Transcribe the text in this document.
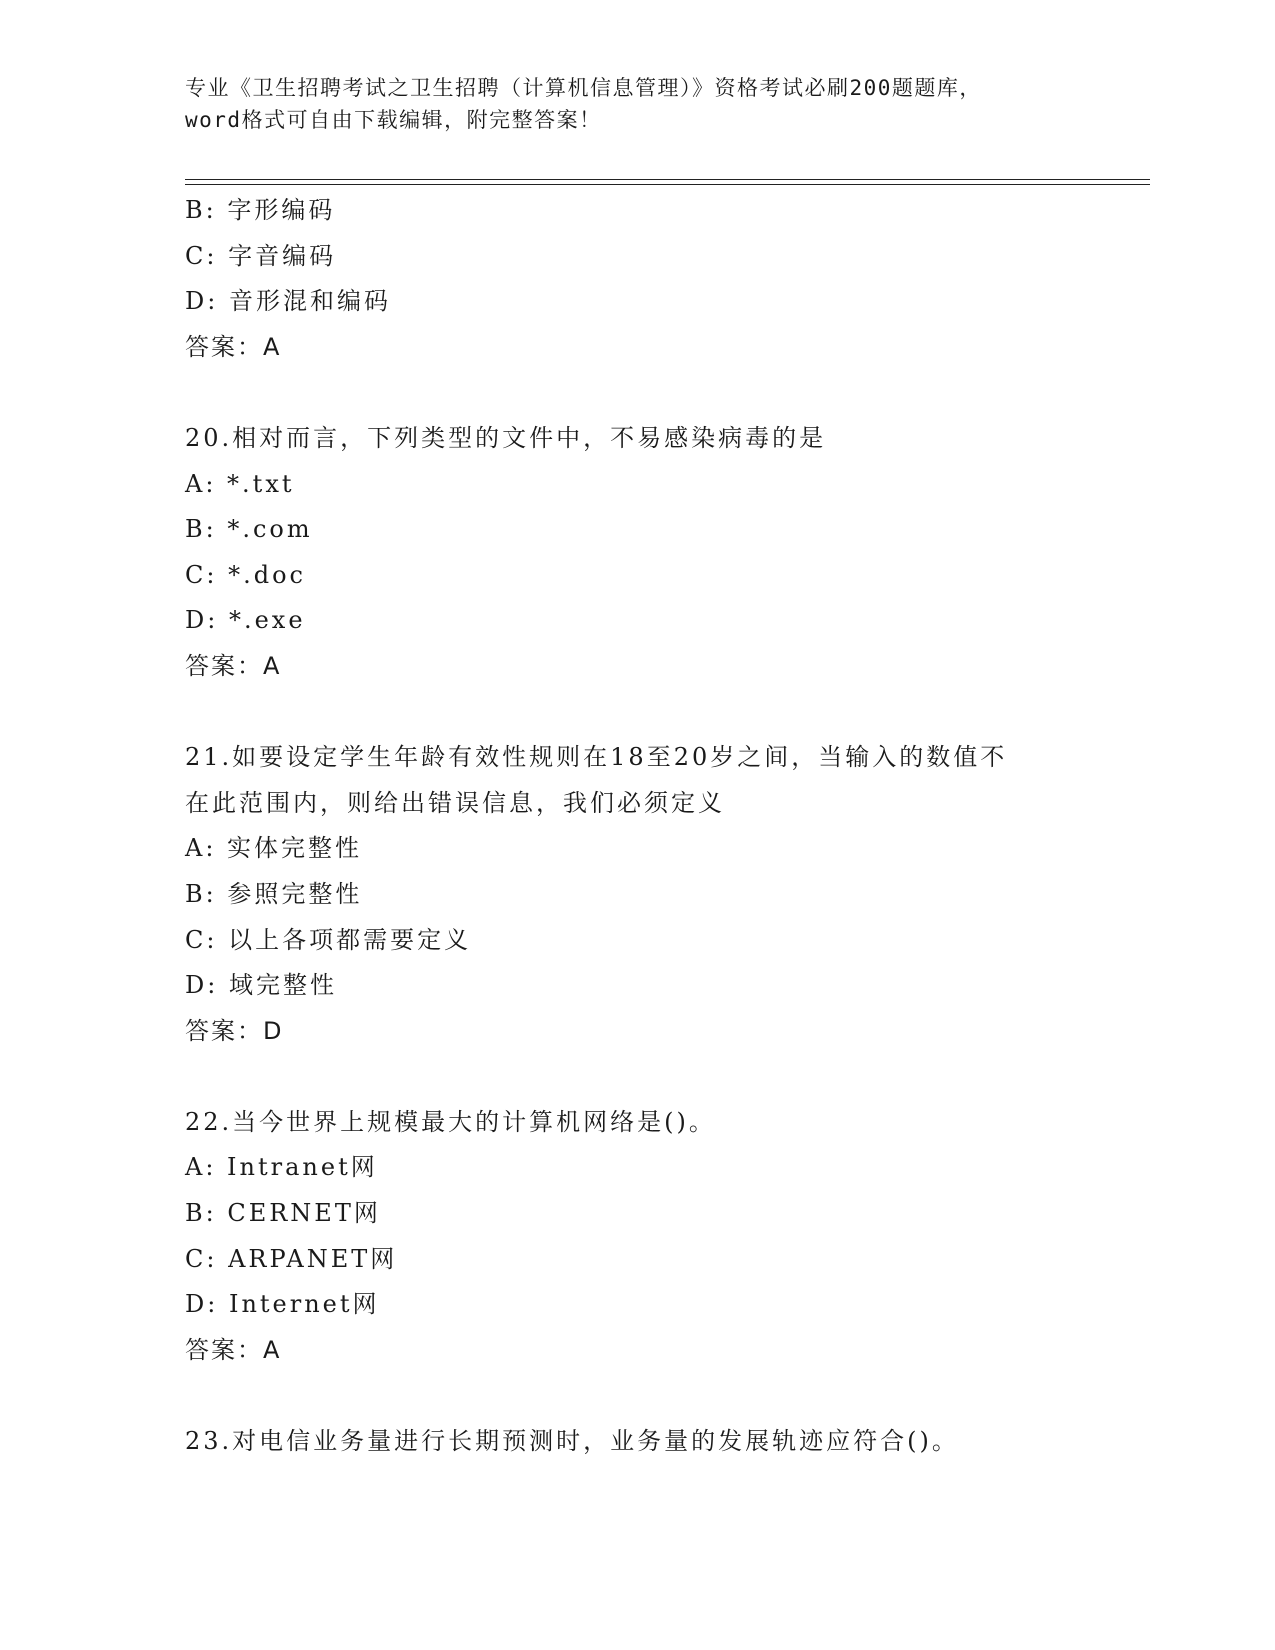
专业《卫生招聘考试之卫生招聘（计算机信息管理）》资格考试必刷200题题库，
word格式可自由下载编辑，附完整答案！
B: 字形编码
C: 字音编码
D: 音形混和编码
答案：A
20.相对而言，下列类型的文件中，不易感染病毒的是
A: *.txt
B: *.com
C: *.doc
D: *.exe
答案：A
21.如要设定学生年龄有效性规则在18至20岁之间，当输入的数值不
在此范围内，则给出错误信息，我们必须定义
A: 实体完整性
B: 参照完整性
C: 以上各项都需要定义
D: 域完整性
答案：D
22.当今世界上规模最大的计算机网络是()。
A: Intranet网
B: CERNET网
C: ARPANET网
D: Internet网
答案：A
23.对电信业务量进行长期预测时，业务量的发展轨迹应符合()。
